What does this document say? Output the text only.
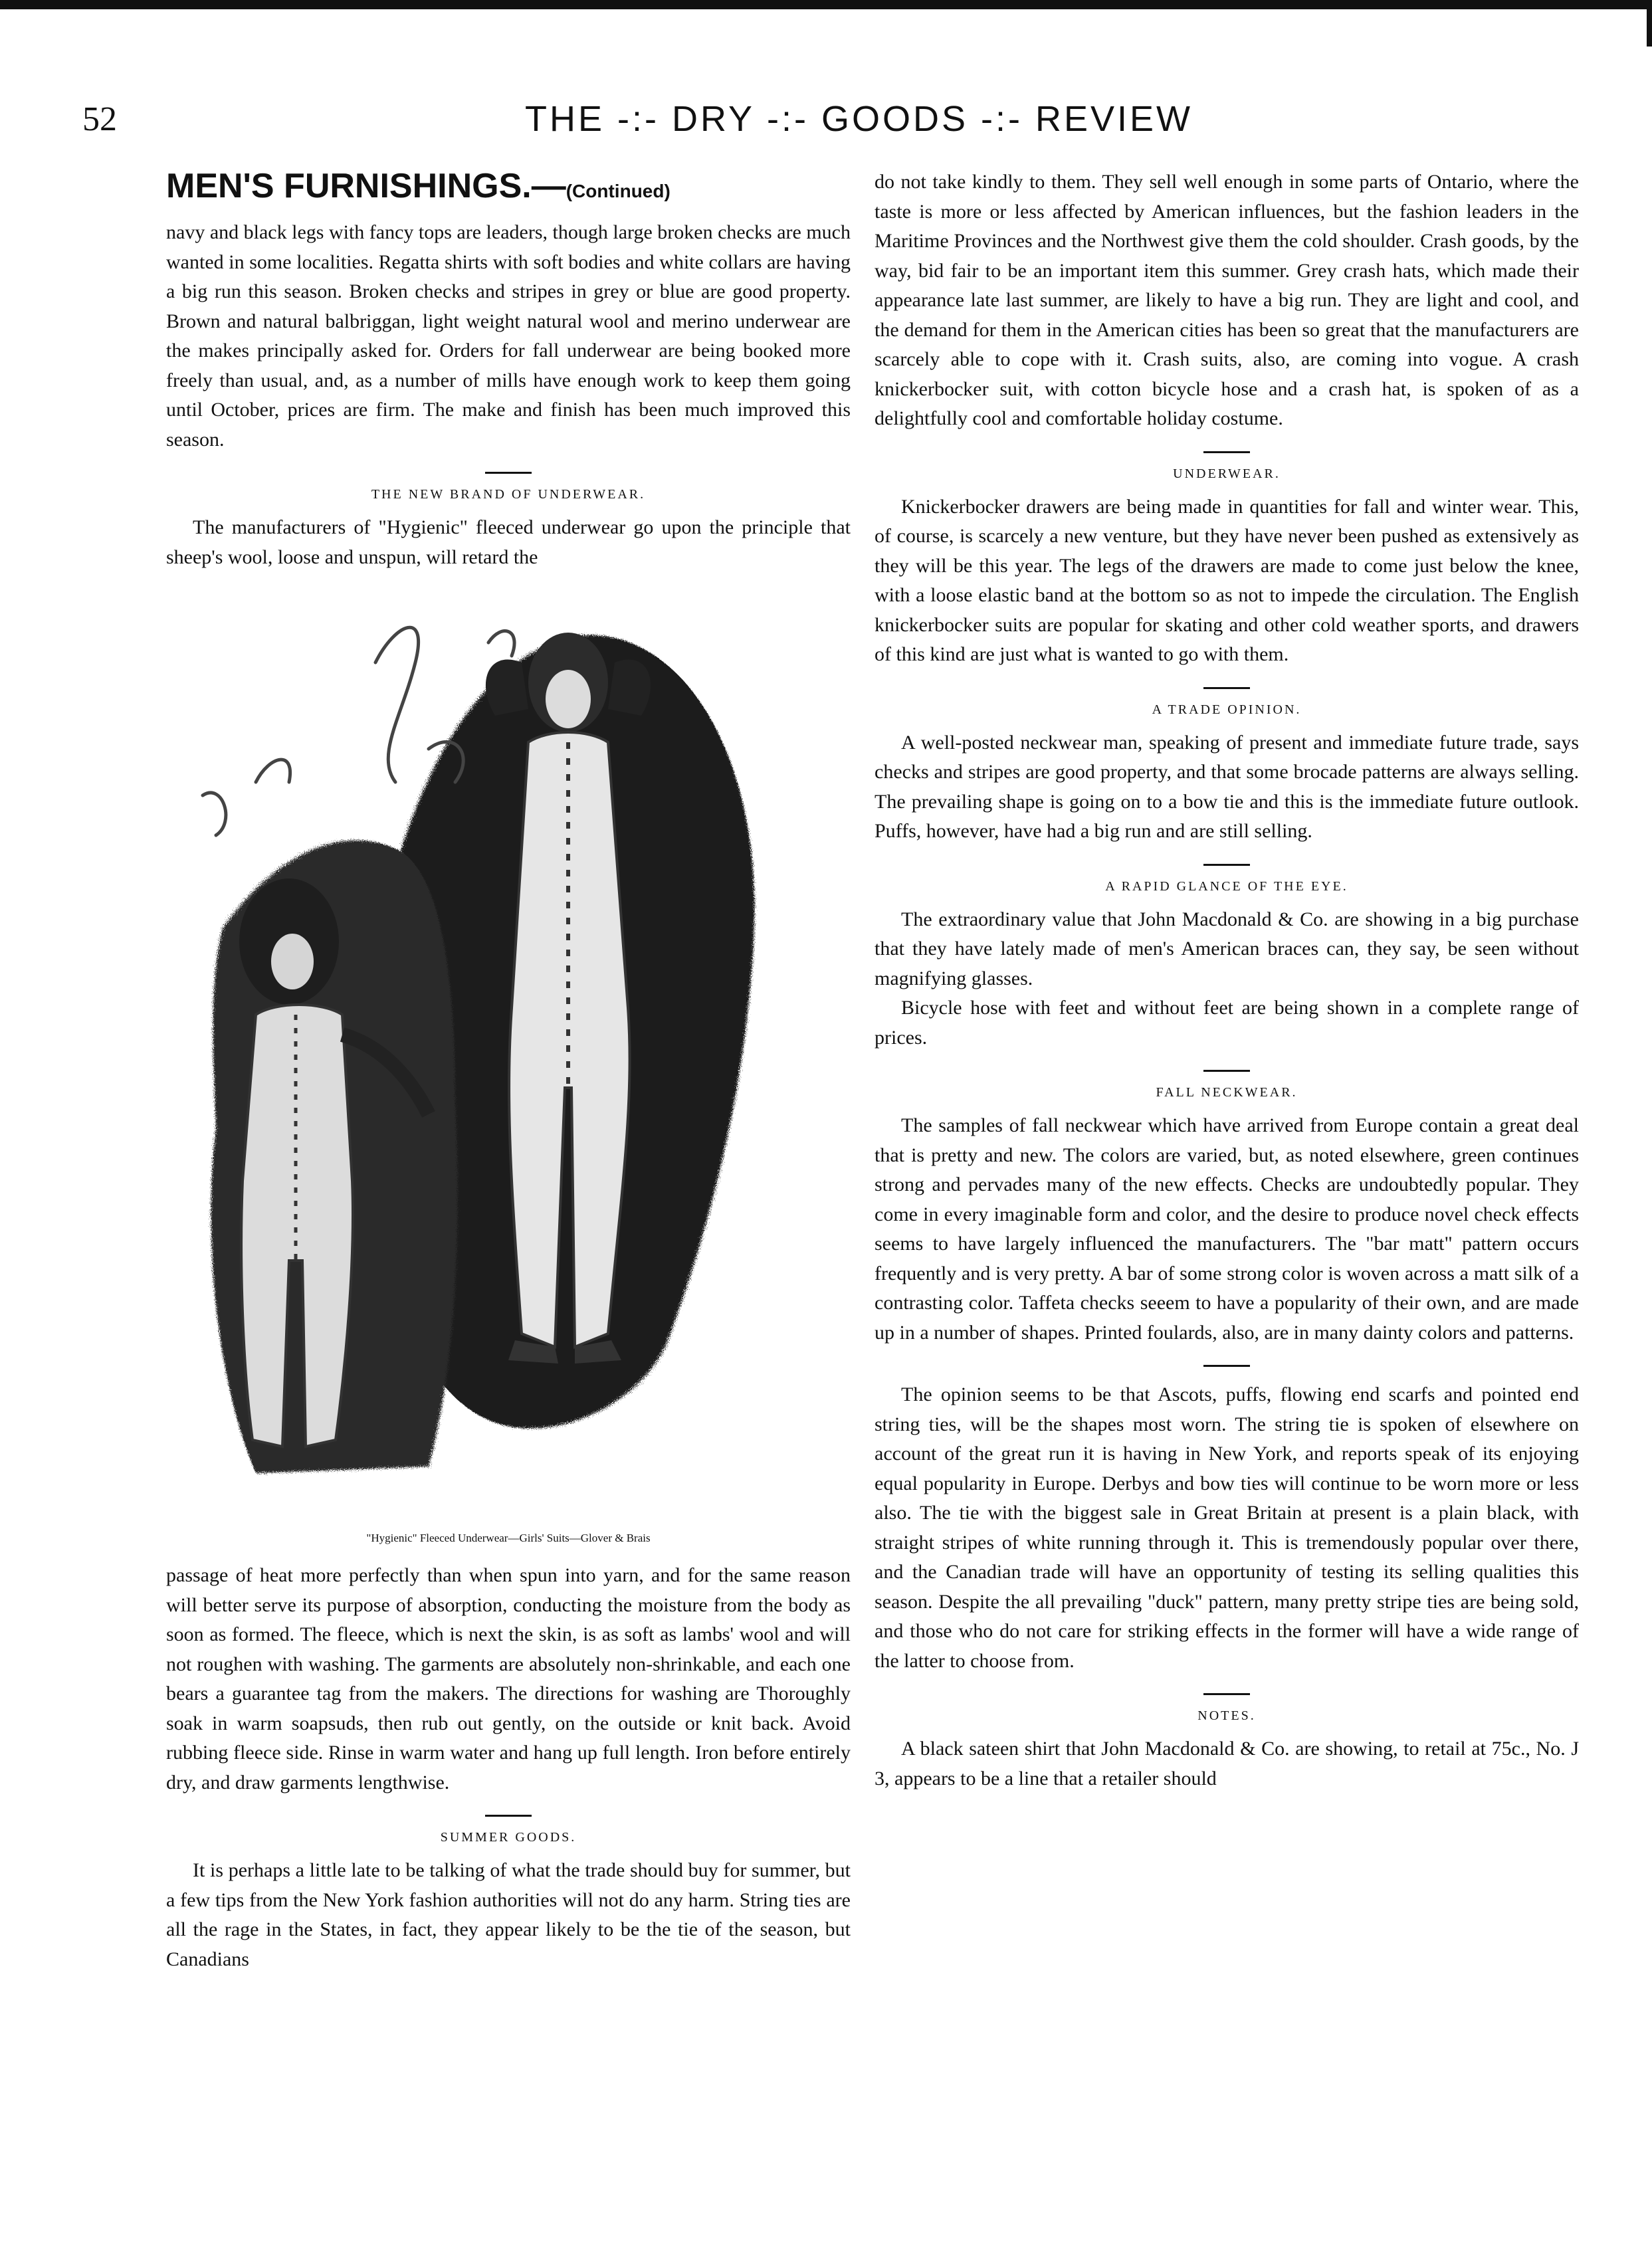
52	THE -:- DRY -:- GOODS -:- REVIEW
MEN'S FURNISHINGS.—(Continued)

navy and black legs with fancy tops are leaders, though large broken checks are much wanted in some localities. Regatta shirts with soft bodies and white collars are having a big run this season. Broken checks and stripes in grey or blue are good property. Brown and natural balbriggan, light weight natural wool and merino underwear are the makes principally asked for. Orders for fall underwear are being booked more freely than usual, and, as a number of mills have enough work to keep them going until October, prices are firm. The make and finish has been much improved this season.

THE NEW BRAND OF UNDERWEAR.

The manufacturers of "Hygienic" fleeced underwear go upon the principle that sheep's wool, loose and unspun, will retard the

"Hygienic" Fleeced Underwear—Girls' Suits—Glover & Brais

passage of heat more perfectly than when spun into yarn, and for the same reason will better serve its purpose of absorption, conducting the moisture from the body as soon as formed. The fleece, which is next the skin, is as soft as lambs' wool and will not roughen with washing. The garments are absolutely non-shrinkable, and each one bears a guarantee tag from the makers. The directions for washing are Thoroughly soak in warm soapsuds, then rub out gently, on the outside or knit back. Avoid rubbing fleece side. Rinse in warm water and hang up full length. Iron before entirely dry, and draw garments lengthwise.

SUMMER GOODS.

It is perhaps a little late to be talking of what the trade should buy for summer, but a few tips from the New York fashion authorities will not do any harm. String ties are all the rage in the States, in fact, they appear likely to be the tie of the season, but Canadians

do not take kindly to them. They sell well enough in some parts of Ontario, where the taste is more or less affected by American influences, but the fashion leaders in the Maritime Provinces and the Northwest give them the cold shoulder. Crash goods, by the way, bid fair to be an important item this summer. Grey crash hats, which made their appearance late last summer, are likely to have a big run. They are light and cool, and the demand for them in the American cities has been so great that the manufacturers are scarcely able to cope with it. Crash suits, also, are coming into vogue. A crash knickerbocker suit, with cotton bicycle hose and a crash hat, is spoken of as a delightfully cool and comfortable holiday costume.

UNDERWEAR.

Knickerbocker drawers are being made in quantities for fall and winter wear. This, of course, is scarcely a new venture, but they have never been pushed as extensively as they will be this year. The legs of the drawers are made to come just below the knee, with a loose elastic band at the bottom so as not to impede the circulation. The English knickerbocker suits are popular for skating and other cold weather sports, and drawers of this kind are just what is wanted to go with them.

A TRADE OPINION.

A well-posted neckwear man, speaking of present and immediate future trade, says checks and stripes are good property, and that some brocade patterns are always selling. The prevailing shape is going on to a bow tie and this is the immediate future outlook. Puffs, however, have had a big run and are still selling.

A RAPID GLANCE OF THE EYE.

The extraordinary value that John Macdonald & Co. are showing in a big purchase that they have lately made of men's American braces can, they say, be seen without magnifying glasses.

Bicycle hose with feet and without feet are being shown in a complete range of prices.

FALL NECKWEAR.

The samples of fall neckwear which have arrived from Europe contain a great deal that is pretty and new. The colors are varied, but, as noted elsewhere, green continues strong and pervades many of the new effects. Checks are undoubtedly popular. They come in every imaginable form and color, and the desire to produce novel check effects seems to have largely influenced the manufacturers. The "bar matt" pattern occurs frequently and is very pretty. A bar of some strong color is woven across a matt silk of a contrasting color. Taffeta checks seeem to have a popularity of their own, and are made up in a number of shapes. Printed foulards, also, are in many dainty colors and patterns.

The opinion seems to be that Ascots, puffs, flowing end scarfs and pointed end string ties, will be the shapes most worn. The string tie is spoken of elsewhere on account of the great run it is having in New York, and reports speak of its enjoying equal popularity in Europe. Derbys and bow ties will continue to be worn more or less also. The tie with the biggest sale in Great Britain at present is a plain black, with straight stripes of white running through it. This is tremendously popular over there, and the Canadian trade will have an opportunity of testing its selling qualities this season. Despite the all prevailing "duck" pattern, many pretty stripe ties are being sold, and those who do not care for striking effects in the former will have a wide range of the latter to choose from.

NOTES.

A black sateen shirt that John Macdonald & Co. are showing, to retail at 75c., No. J 3, appears to be a line that a retailer should
